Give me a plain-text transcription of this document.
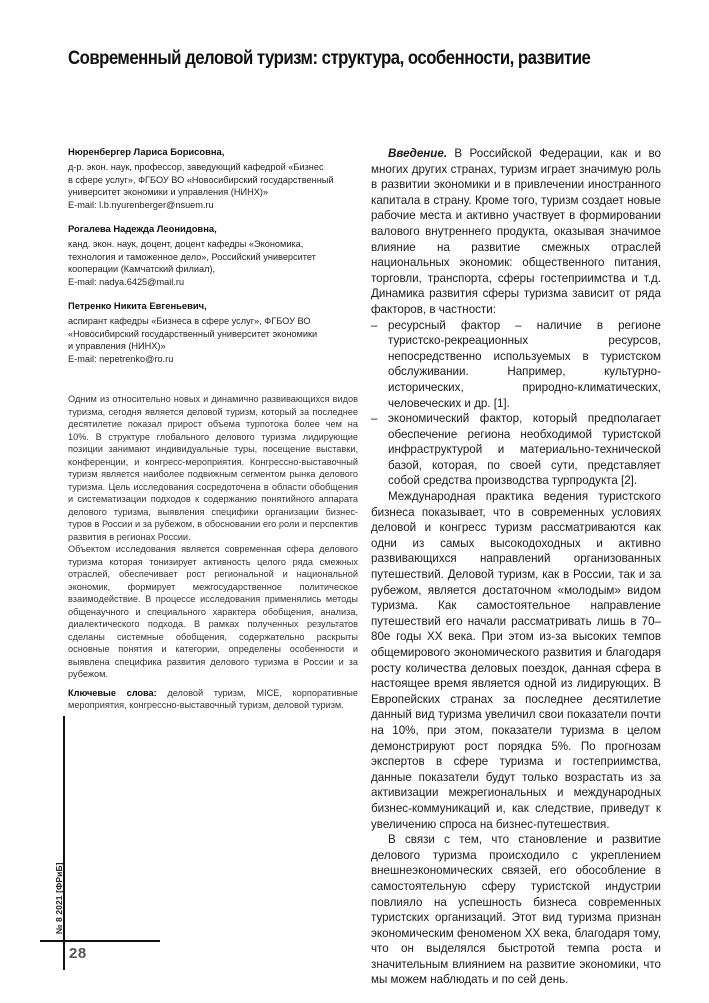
Современный деловой туризм: структура, особенности, развитие
Нюренбергер Лариса Борисовна,
д-р. экон. наук, профессор, заведующий кафедрой «Бизнес
в сфере услуг», ФГБОУ ВО «Новосибирский государственный
университет экономики и управления (НИНХ)»
E-mail: l.b.nyurenberger@nsuem.ru
Рогалева Надежда Леонидовна,
канд. экон. наук, доцент, доцент кафедры «Экономика,
технология и таможенное дело», Российский университет
кооперации (Камчатский филиал),
E-mail: nadya.6425@mail.ru
Петренко Никита Евгеньевич,
аспирант кафедры «Бизнеса в сфере услуг», ФГБОУ ВО
«Новосибирский государственный университет экономики
и управления (НИНХ)»
E-mail: nepetrenko@ro.ru

Одним из относительно новых и динамично развивающихся видов туризма, сегодня является деловой туризм, который за последнее десятилетие показал прирост объема турпотока более чем на 10%. В структуре глобального делового туризма лидирующие позиции занимают индивидуальные туры, посещение выставки, конференции, и конгресс-мероприятия. Конгрессно-выставочный туризм является наиболее подвижным сегментом рынка делового туризма. Цель исследования сосредоточена в области обобщения и систематизации подходов к содержанию понятийного аппарата делового туризма, выявления специфики организации бизнес-туров в России и за рубежом, в обосновании его роли и перспектив развития в регионах России.

Объектом исследования является современная сфера делового туризма которая тонизирует активность целого ряда смежных отраслей, обеспечивает рост региональной и национальной экономик, формирует межгосударственное политическое взаимодействие. В процессе исследования применялись методы общенаучного и специального характера обобщения, анализа, диалектического подхода. В рамках полученных результатов сделаны системные обобщения, содержательно раскрыты основные понятия и категории, определены особенности и выявлена специфика развития делового туризма в России и за рубежом.

Ключевые слова: деловой туризм, MICE, корпоративные мероприятия, конгрессно-выставочный туризм, деловой туризм.

Введение. В Российской Федерации, как и во многих других странах, туризм играет значимую роль в развитии экономики и в привлечении иностранного капитала в страну. Кроме того, туризм создает новые рабочие места и активно участвует в формировании валового внутреннего продукта, оказывая значимое влияние на развитие смежных отраслей национальных экономик: общественного питания, торговли, транспорта, сферы гостеприимства и т.д. Динамика развития сферы туризма зависит от ряда факторов, в частности:

– ресурсный фактор – наличие в регионе туристско-рекреационных ресурсов, непосредственно используемых в туристском обслуживании. Например, культурно-исторических, природно-климатических, человеческих и др. [1].
– экономический фактор, который предполагает обеспечение региона необходимой туристской инфраструктурой и материально-технической базой, которая, по своей сути, представляет собой средства производства турпродукта [2].

Международная практика ведения туристского бизнеса показывает, что в современных условиях деловой и конгресс туризм рассматриваются как одни из самых высокодоходных и активно развивающихся направлений организованных путешествий. Деловой туризм, как в России, так и за рубежом, является достаточном «молодым» видом туризма. Как самостоятельное направление путешествий его начали рассматривать лишь в 70–80е годы XX века. При этом из-за высоких темпов общемирового экономического развития и благодаря росту количества деловых поездок, данная сфера в настоящее время является одной из лидирующих. В Европейских странах за последнее десятилетие данный вид туризма увеличил свои показатели почти на 10%, при этом, показатели туризма в целом демонстрируют рост порядка 5%. По прогнозам экспертов в сфере туризма и гостеприимства, данные показатели будут только возрастать из за активизации межрегиональных и международных бизнес-коммуникаций и, как следствие, приведут к увеличению спроса на бизнес-путешествия.

В связи с тем, что становление и развитие делового туризма происходило с укреплением внешнеэкономических связей, его обособление в самостоятельную сферу туристской индустрии повлияло на успешность бизнеса современных туристских организаций. Этот вид туризма признан экономическим феноменом XX века, благодаря тому, что он выделялся быстротой темпа роста и значительным влиянием на развитие экономики, что мы можем наблюдать и по сей день.

№ 8 2021 [ФРиБ]
28
